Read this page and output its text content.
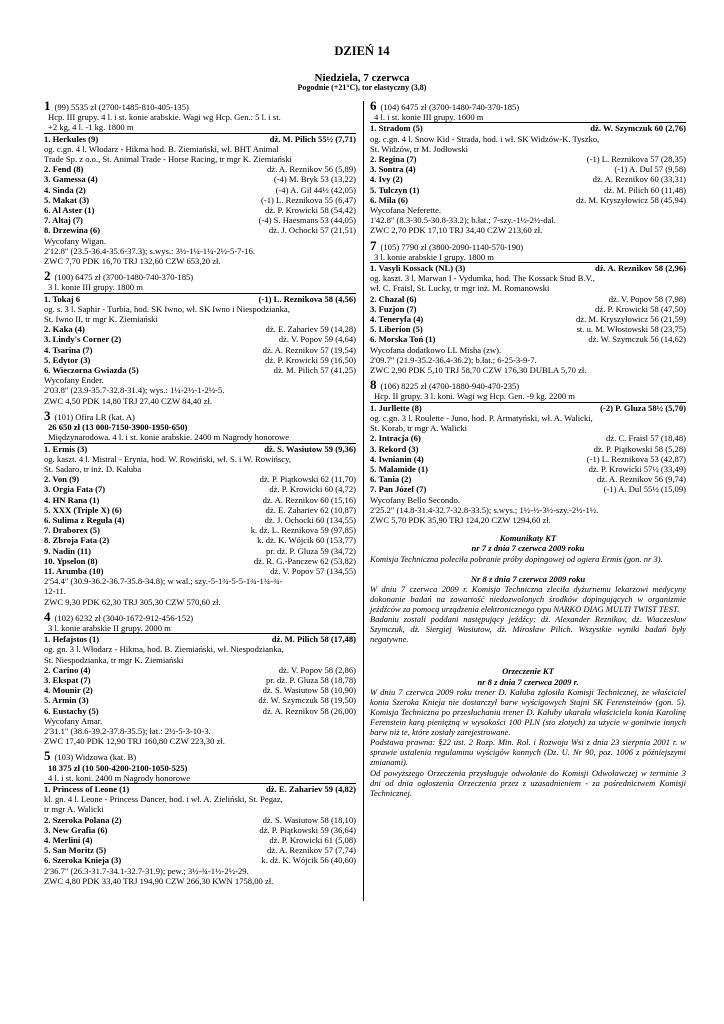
DZIEŃ 14
Niedziela, 7 czerwca
Pogodnie (+21°C), tor elastyczny (3,8)
1 (99) 5535 zł (2700-1485-810-405-135)
Hcp. III grupy. 4 l. i st. konie arabskie. Wagi wg Hcp. Gen.: 5 l. i st.
+2 kg, 4 l. -1 kg. 1800 m
1. Herkules (9)	dż. M. Pilich 55½ (7,71)
og. c.gn. 4 l. Włodarz - Hikma hod. B. Ziemiański, wł. BHT Animal
Trade Sp. z o.o., St. Animal Trade - Horse Racing, tr mgr K. Ziemiański
2. Fend (8)	dż. A. Reznikov 56 (5,89)
3. Gamessa (4)	(-4) M. Bryk 53 (13,22)
4. Sinda (2)	(-4) A. Gil 44½ (42,05)
5. Makat (3)	(-1) L. Reznikova 55 (6,47)
6. Al Aster (1)	dż. P. Krowicki 58 (54,42)
7. Altaj (7)	(-4) S. Haesmans 53 (44,05)
8. Drzewina (6)	dż. J. Ochocki 57 (21,51)
Wycofany Wigan.
2'12.8" (23.5-36.4-35.6-37.3); s.wys.: 3½-1¼-1¼-2½-5-7-16.
ZWC 7,70 PDK 16,70 TRJ 132,60 CZW 653,20 zł.
2 (100) 6475 zł (3700-1480-740-370-185)
3 l. konie III grupy. 1800 m
1. Tokaj 6	(-1) L. Reznikova 58 (4,56)
og. s. 3 l. Saphir - Turbia, hod. SK Iwno, wł. SK Iwno i Niespodzianka,
St. Iwno II, tr mgr K. Ziemiański
2. Kaka (4)	dż. E. Zahariev 59 (14,28)
3. Lindy's Corner (2)	dż. V. Popov 59 (4,64)
4. Tsarina (7)	dż. A. Reznikov 57 (19,54)
5. Edytor (3)	dż. P. Krowicki 59 (16,50)
6. Wieczorna Gwiazda (5)	dż. M. Pilich 57 (41,25)
Wycofany Ender.
2'03.8" (23.9-35.7-32.8-31.4); wys.: 1¼-2½-1-2½-5.
ZWC 4,50 PDK 14,80 TRJ 27,40 CZW 84,40 zł.
3 (101) Ofira LR (kat. A)
26 650 zł (13 000-7150-3900-1950-650)
Międzynarodowa. 4 l. i st. konie arabskie. 2400 m Nagrody honorowe
1. Ermis (3)	dż. S. Wasiutow 59 (9,36)
og. kaszt. 4 l. Mistral - Erynia, hod. W. Rowiński, wł. S. i W. Rowińscy,
St. Sadaro, tr inż. D. Kałuba
2. Von (9)	dż. P. Piątkowski 62 (11,70)
3. Orgia Fata (7)	dż. P. Krowicki 60 (4,72)
4. HN Rana (1)	dż. A. Reznikov 60 (15,16)
5. XXX (Triple X) (6)	dż. E. Zahariev 62 (10,87)
6. Sulima z Reguła (4)	dż. J. Ochocki 60 (134,55)
7. Draborex (5)	k. dż. L. Reznikova 59 (97,85)
8. Zbroja Fata (2)	k. dż. K. Wójcik 60 (153,77)
9. Nadin (11)	pr. dż. P. Gluza 59 (34,72)
10. Ypselon (8)	dż. R. G.-Panczew 62 (53,82)
11. Arumba (10)	dż. V. Popov 57 (134,55)
2'54.4" (30.9-36.2-36.7-35.8-34.8); w wal.; szy.-5-1¾-5-5-1¾-1¾-¾-
12-11.
ZWC 9,30 PDK 62,30 TRJ 305,30 CZW 570,60 zł.
4 (102) 6232 zł (3040-1672-912-456-152)
3 l. konie arabskie II grupy. 2000 m
1. Hefajstos (1)	dż. M. Pilich 58 (17,48)
og. gn. 3 l. Włodarz - Hikma, hod. B. Ziemiański, wł. Niespodzianka,
St. Niespodzianka, tr mgr K. Ziemiański
2. Carino (4)	dż. V. Popov 58 (2,86)
3. Ekspat (7)	pr. dż. P. Gluza 58 (18,78)
4. Mounir (2)	dż. S. Wasiutow 58 (10,90)
5. Armin (3)	dż. W. Szymczuk 58 (19,50)
6. Eustachy (5)	dż. A. Reznikov 58 (26,00)
Wycofany Amar.
2'31.1" (38.6-39.2-37.8-35.5); łat.: 2½-5-3-10-3.
ZWC 17,40 PDK 12,90 TRJ 160,80 CZW 223,30 zł.
5 (103) Widzowa (kat. B)
18 375 zł (10 500-4200-2100-1050-525)
4 l. i st. koni. 2400 m Nagrody honorowe
1. Princess of Leone (1)	dż. E. Zahariev 59 (4,82)
kl. gn. 4 l. Leone - Princess Dancer, hod. i wł. A. Zieliński, St. Pegaz,
tr mgr A. Walicki
2. Szeroka Polana (2)	dż. S. Wasiutow 58 (18,10)
3. New Grafia (6)	dż. P. Piątkowski 59 (36,64)
4. Merlini (4)	dż. P. Krowicki 61 (5,08)
5. San Moritz (5)	dż. A. Reznikov 57 (7,74)
6. Szeroka Knieja (3)	k. dż. K. Wójcik 56 (40,60)
2'36.7" (26.3-31.7-34.1-32.7-31.9); pew.; 3½-¾-1½-2½-29.
ZWC 4,80 PDK 33,40 TRJ 194,90 CZW 266,30 KWN 1758,00 zł.
6 (104) 6475 zł (3700-1480-740-370-185)
4 l. i st. konie III grupy. 1600 m
1. Stradom (5)	dż. W. Szymczuk 60 (2,76)
og. c.gn. 4 l. Snow Kid - Strada, hod. i wł. SK Widzów-K. Tyszko,
St. Widzów, tr M. Jodłowski
2. Regina (7)	(-1) L. Reznikova 57 (28,35)
3. Sontra (4)	(-1) A. Dul 57 (9,58)
4. Ivy (2)	dż. A. Reznikov 60 (33,31)
5. Tulczyn (1)	dż. M. Pilich 60 (11,48)
6. Mila (6)	dż. M. Kryszyłowicz 58 (45,94)
Wycofana Neferette.
1'42.8" (8.3-30.5-30.8-33.2); b.łat.; 7-szy.-1½-2½-dal.
ZWC 2,70 PDK 17,10 TRJ 34,40 CZW 213,60 zł.
7 (105) 7790 zł (3800-2090-1140-570-190)
3 l. konie arabskie I grupy. 1800 m
1. Vasyli Kossack (NL) (3)	dż. A. Reznikov 58 (2,96)
og. kaszt. 3 l. Marwan I - Vydumka, hod. The Kossack Stud B.V.,
wł. C. Fraisl, St. Lucky, tr mgr inż. M. Romanowski
2. Chazal (6)	dż. V. Popov 58 (7,98)
3. Fuzjon (7)	dż. P. Krowicki 58 (47,50)
4. Teneryfa (4)	dż. M. Kryszyłowicz 56 (21,59)
5. Liberion (5)	st. u. M. Włostowski 58 (23,75)
6. Morska Toń (1)	dż. W. Szymczuk 56 (14,62)
Wycofana dodatkowo LL Misha (zw).
2'09.7" (21.9-35.2-36.4-36.2); b.łat.; 6-25-3-9-7.
ZWC 2,90 PDK 5,10 TRJ 58,70 CZW 176,30 DUBLA 5,70 zł.
8 (106) 8225 zł (4700-1880-940-470-235)
Hcp. II grupy. 3 l. koni. Wagi wg Hcp. Gen. -9 kg. 2200 m
1. Jurllette (8)	(-2) P. Gluza 58½ (5,70)
og. c.gn. 3 l. Roulette - Juno, hod. P. Armatyński, wł. A. Walicki,
St. Korab, tr mgr A. Walicki
2. Intracja (6)	dż. C. Fraisl 57 (18,48)
3. Rekord (3)	dż. P. Piątkowski 58 (5,28)
4. Iwnianin (4)	(-1) L. Reznikova 53 (42,87)
5. Malamide (1)	dż. P. Krowicki 57½ (33,49)
6. Tania (2)	dż. A. Reznikov 56 (9,74)
7. Pan Józef (7)	(-1) A. Dul 55½ (15,09)
Wycofany Bello Secondo.
2'25.2" (14.8-31.4-32.7-32.8-33.5); s.wys.; 1½-½-3½-szy.-2½-1½.
ZWC 5,70 PDK 35,90 TRJ 124,20 CZW 1294,60 zł.
Komunikaty KT
nr 7 z dnia 7 czerwca 2009 roku
Komisja Techniczna poleciła pobranie próby dopingowej od ogiera Ermis (gon. nr 3).
Nr 8 z dnia 7 czerwca 2009 roku
W dniu 7 czerwca 2009 r. Komisja Techniczna zleciła dyżurnemu lekarzowi medycyny dokonanie badań na zawartość niedozwolonych środków dopingujących w organizmie jeźdźców za pomocą urządzenia elektronicznego typu NARKO DIAG MULTI TWIST TEST.
Badaniu zostali poddani następujący jeźdźcy: dż. Alexander Reznikov, dż. Wiaczesław Szymczuk, dż. Siergiej Wasiutow, dż. Mirosław Pilich. Wszystkie wyniki badań były negatywne.
Orzeczenie KT
nr 8 z dnia 7 czerwca 2009 r.
W dniu 7 czerwca 2009 roku trener D. Kałuba zgłosiła Komisji Technicznej, że właściciel konia Szeroka Knieja nie dostarczył barw wyścigowych Stajni SK Ferensteinów (gon. 5). Komisja Techniczna po przesłuchaniu trener D. Kałuby ukarała właściciela konia Karolinę Ferenstein karą pieniężną w wysokości 100 PLN (sto złotych) za użycie w gonitwie innych barw niż te, które zostały zarejestrowane.
Podstawa prawna: §22 ust. 2 Rozp. Min. Rol. i Rozwoju Wsi z dnia 23 sierpnia 2001 r. w sprawie ustalenia regulaminu wyścigów konnych (Dz. U. Nr 90, poz. 1006 z późniejszymi zmianami).
Od powyższego Orzeczenia przysługuje odwołanie do Komisji Odwoławczej w terminie 3 dni od dnia ogłoszenia Orzeczenia przez z uzasadnieniem - za pośrednictwem Komisji Technicznej.
